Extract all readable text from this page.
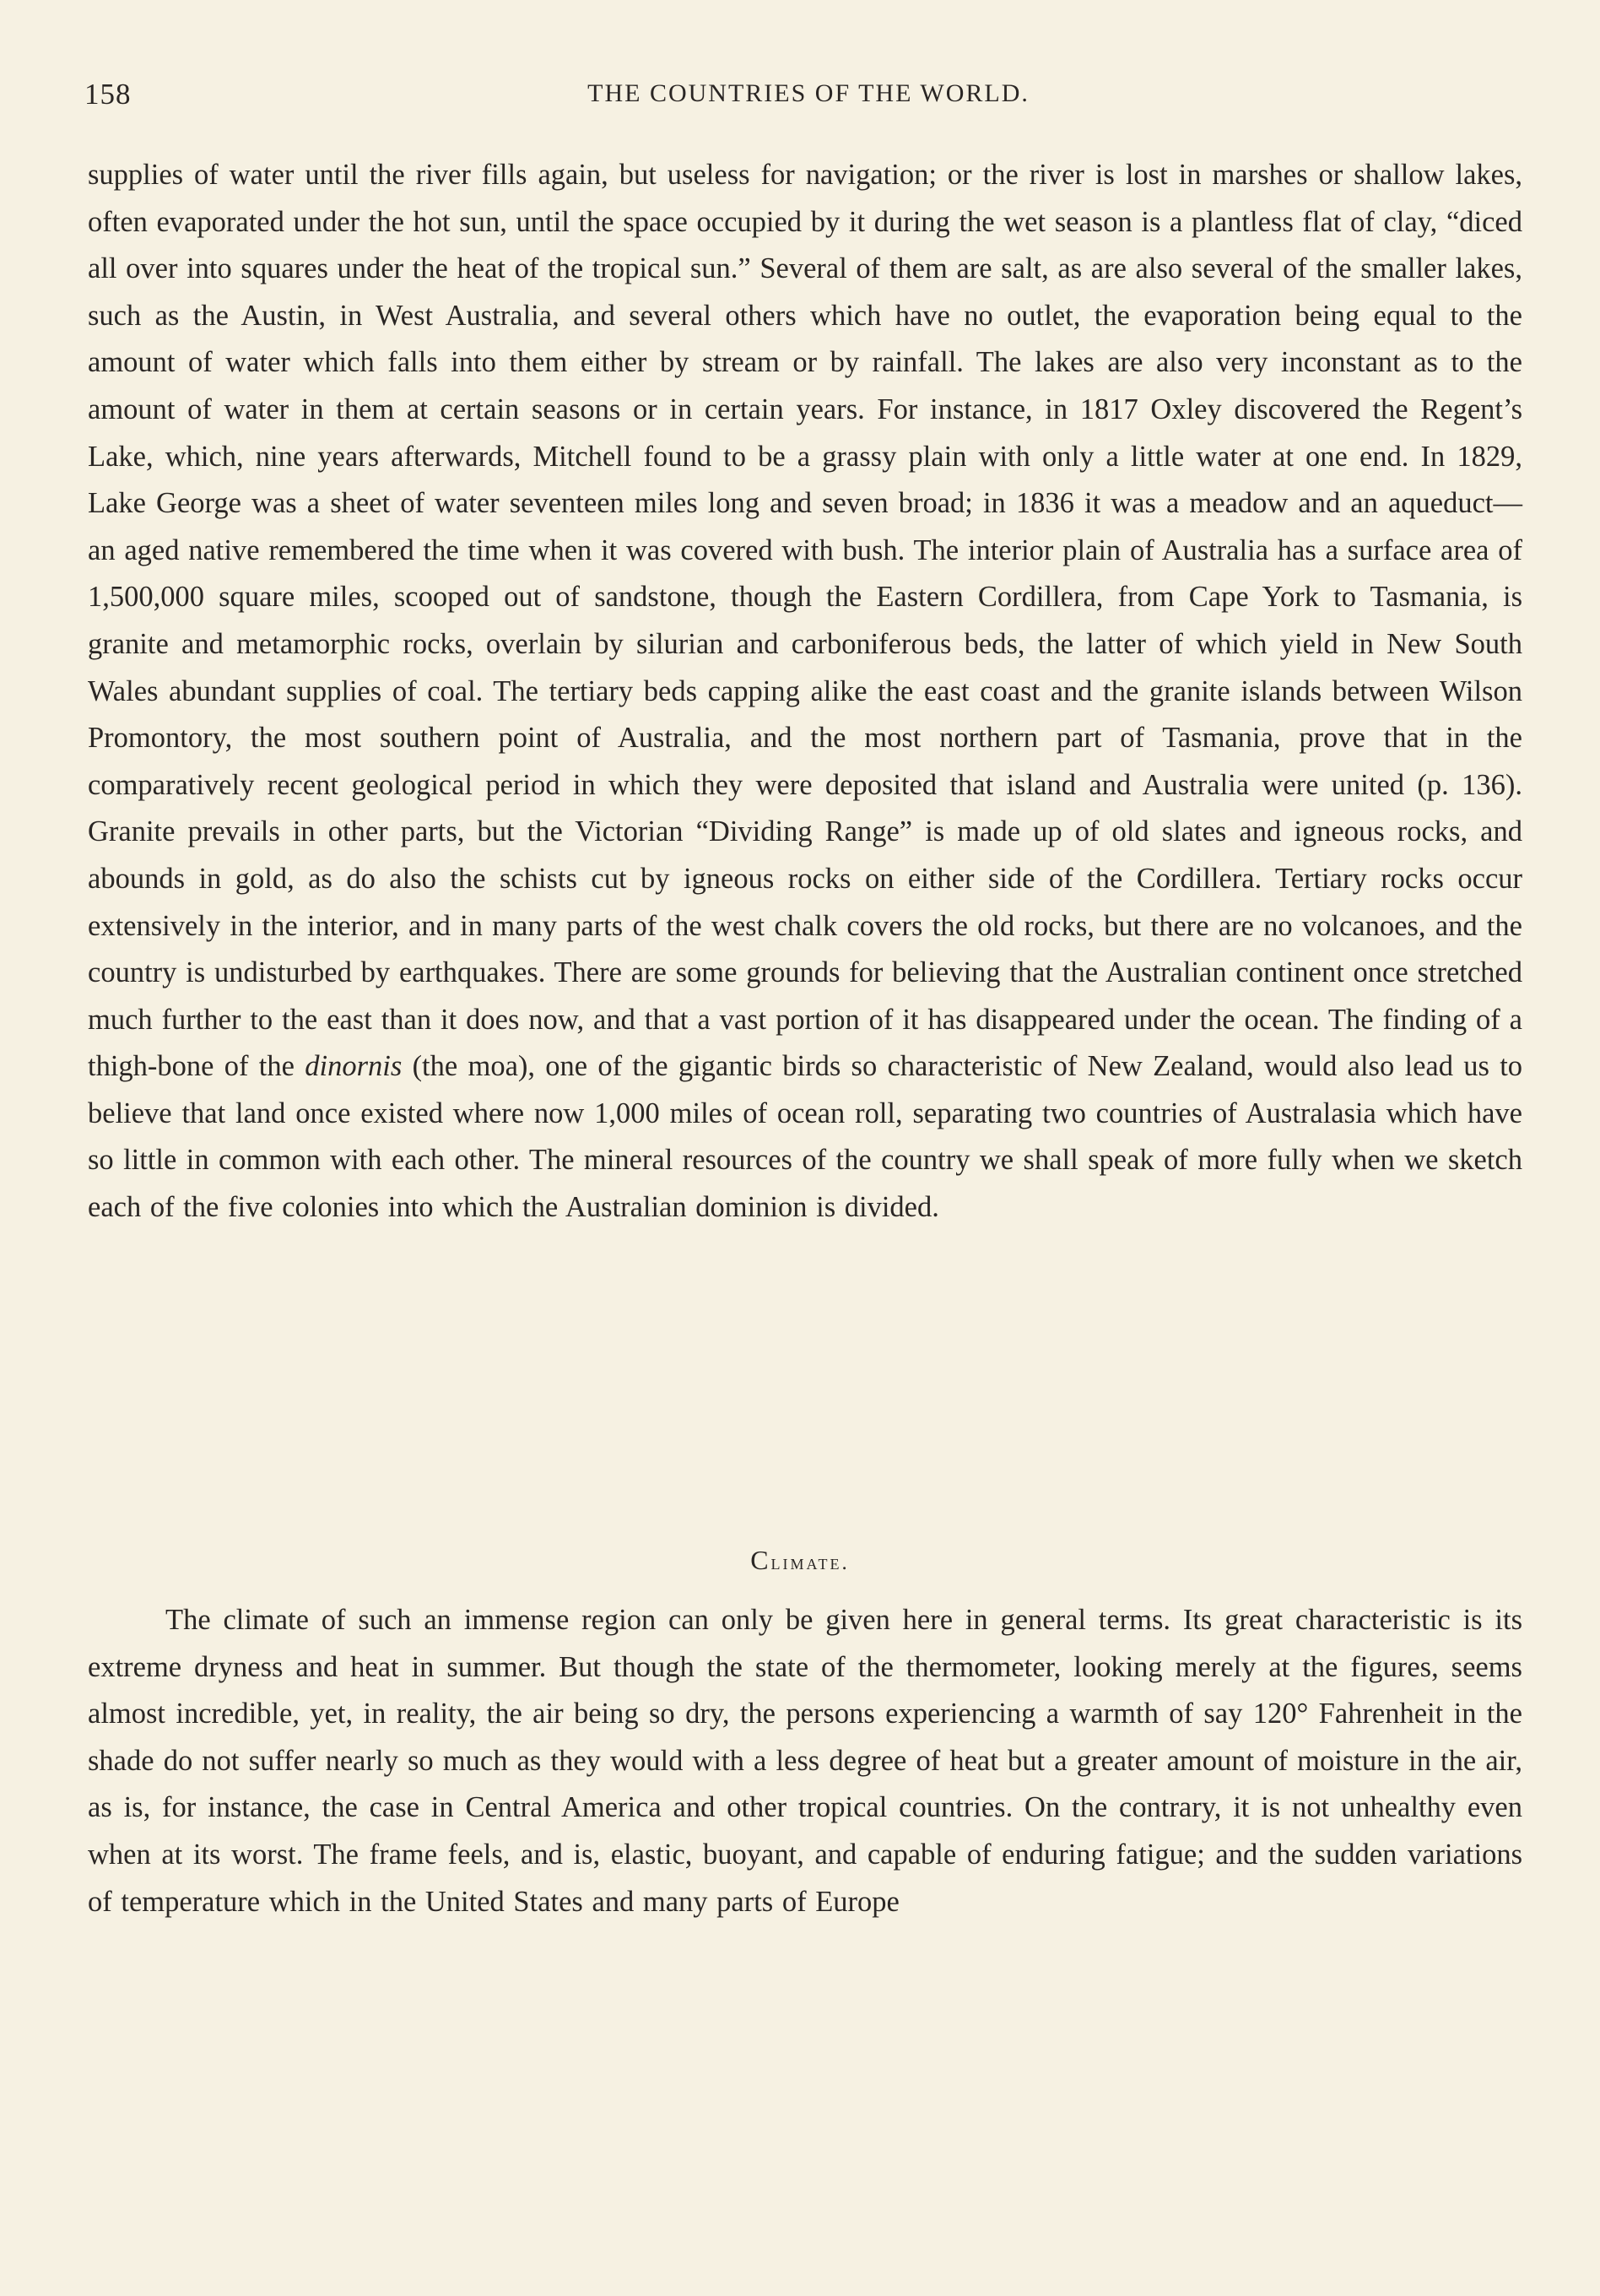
158	THE COUNTRIES OF THE WORLD.

supplies of water until the river fills again, but useless for navigation; or the river is lost in marshes or shallow lakes, often evaporated under the hot sun, until the space occupied by it during the wet season is a plantless flat of clay, “diced all over into squares under the heat of the tropical sun.” Several of them are salt, as are also several of the smaller lakes, such as the Austin, in West Australia, and several others which have no outlet, the evaporation being equal to the amount of water which falls into them either by stream or by rainfall. The lakes are also very inconstant as to the amount of water in them at certain seasons or in certain years. For instance, in 1817 Oxley discovered the Regent’s Lake, which, nine years afterwards, Mitchell found to be a grassy plain with only a little water at one end. In 1829, Lake George was a sheet of water seventeen miles long and seven broad; in 1836 it was a meadow and an aqueduct—an aged native remembered the time when it was covered with bush. The interior plain of Australia has a surface area of 1,500,000 square miles, scooped out of sandstone, though the Eastern Cordillera, from Cape York to Tasmania, is granite and metamorphic rocks, overlain by silurian and carboniferous beds, the latter of which yield in New South Wales abundant supplies of coal. The tertiary beds capping alike the east coast and the granite islands between Wilson Promontory, the most southern point of Australia, and the most northern part of Tasmania, prove that in the comparatively recent geological period in which they were deposited that island and Australia were united (p. 136). Granite prevails in other parts, but the Victorian “Dividing Range” is made up of old slates and igneous rocks, and abounds in gold, as do also the schists cut by igneous rocks on either side of the Cordillera. Tertiary rocks occur extensively in the interior, and in many parts of the west chalk covers the old rocks, but there are no volcanoes, and the country is undisturbed by earthquakes. There are some grounds for believing that the Australian continent once stretched much further to the east than it does now, and that a vast portion of it has disappeared under the ocean. The finding of a thigh-bone of the dinornis (the moa), one of the gigantic birds so characteristic of New Zealand, would also lead us to believe that land once existed where now 1,000 miles of ocean roll, separating two countries of Australasia which have so little in common with each other. The mineral resources of the country we shall speak of more fully when we sketch each of the five colonies into which the Australian dominion is divided.

Climate.

The climate of such an immense region can only be given here in general terms. Its great characteristic is its extreme dryness and heat in summer. But though the state of the thermometer, looking merely at the figures, seems almost incredible, yet, in reality, the air being so dry, the persons experiencing a warmth of say 120° Fahrenheit in the shade do not suffer nearly so much as they would with a less degree of heat but a greater amount of moisture in the air, as is, for instance, the case in Central America and other tropical countries. On the contrary, it is not unhealthy even when at its worst. The frame feels, and is, elastic, buoyant, and capable of enduring fatigue; and the sudden variations of temperature which in the United States and many parts of Europe
